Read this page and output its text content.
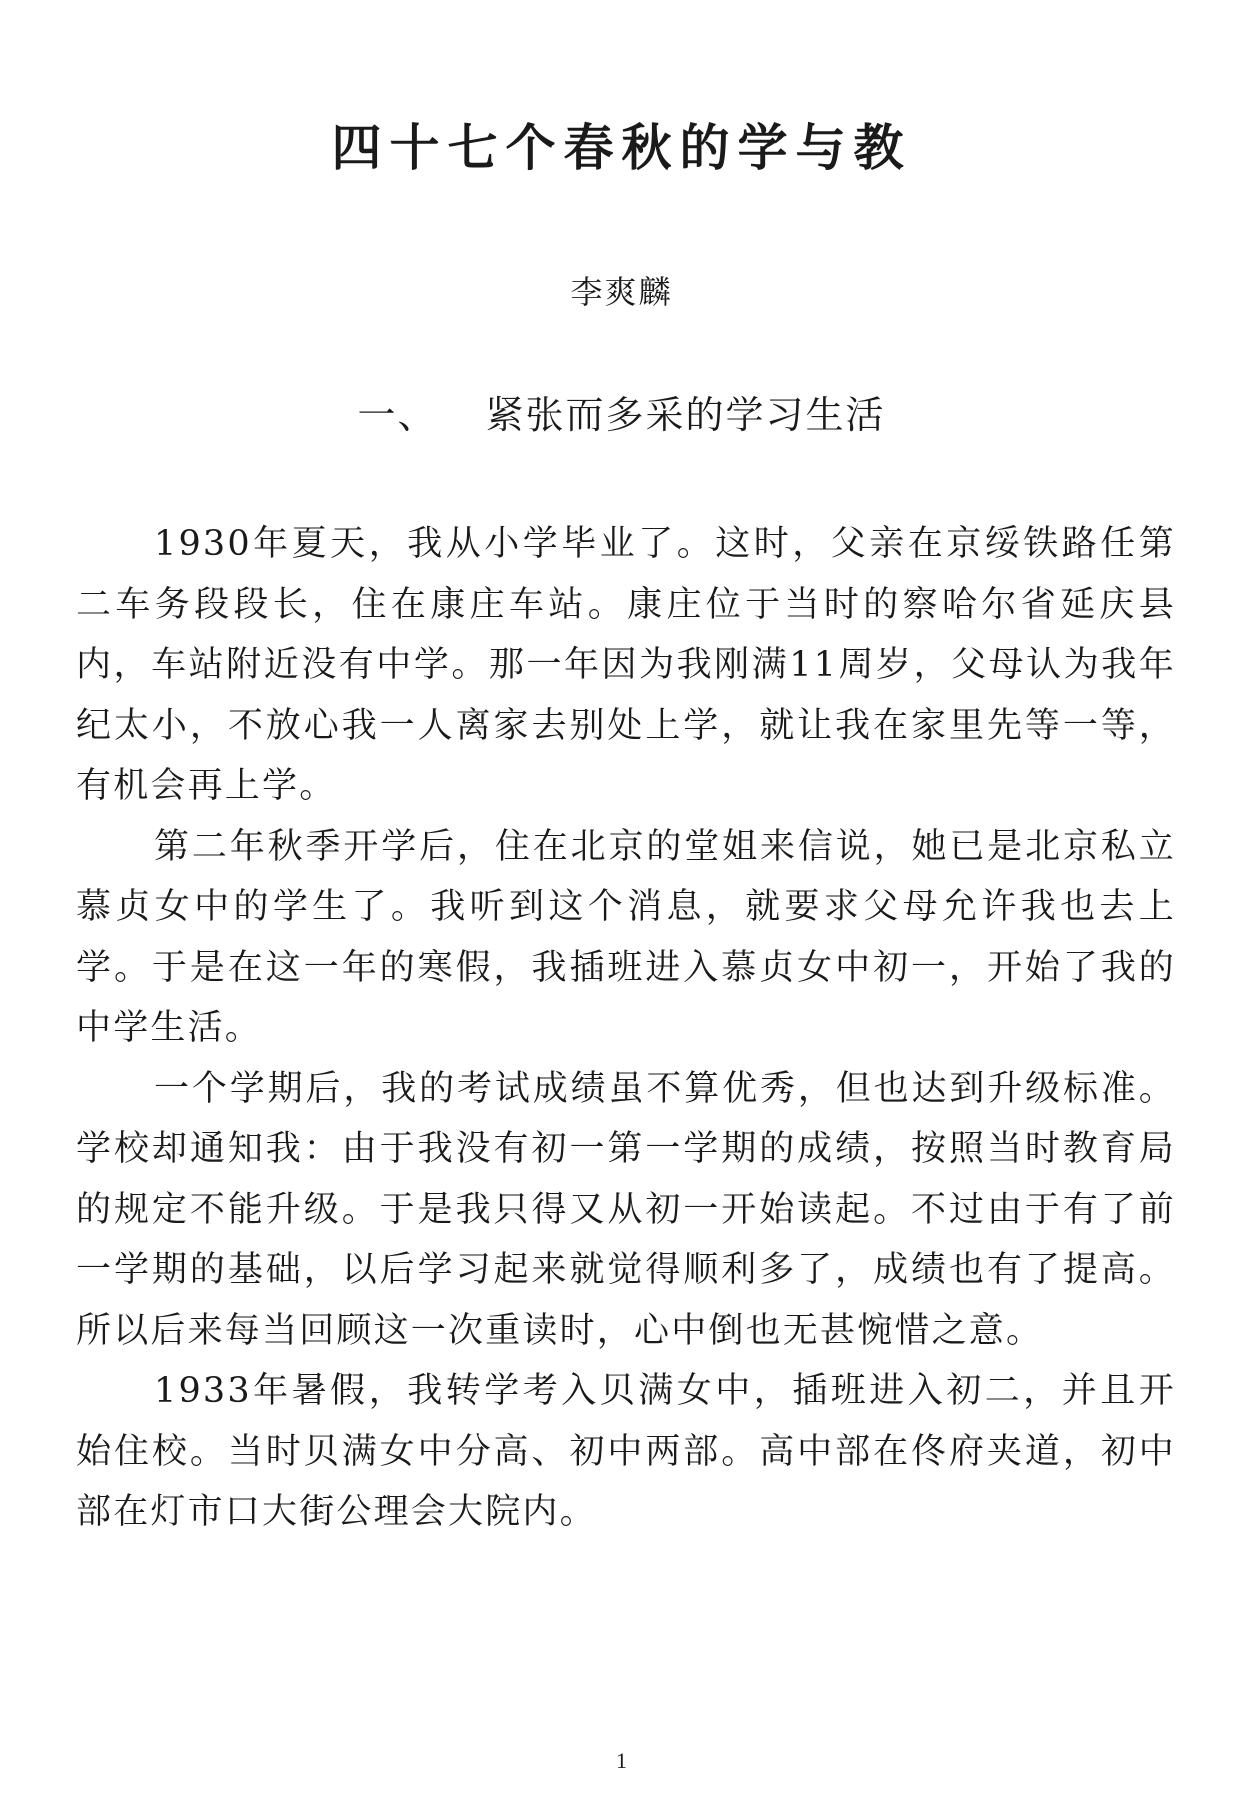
四十七个春秋的学与教
李爽麟
一、 紧张而多采的学习生活

1930年夏天，我从小学毕业了。这时，父亲在京绥铁路任第二车务段段长，住在康庄车站。康庄位于当时的察哈尔省延庆县内，车站附近没有中学。那一年因为我刚满11周岁，父母认为我年纪太小，不放心我一人离家去别处上学，就让我在家里先等一等，有机会再上学。

第二年秋季开学后，住在北京的堂姐来信说，她已是北京私立慕贞女中的学生了。我听到这个消息，就要求父母允许我也去上学。于是在这一年的寒假，我插班进入慕贞女中初一，开始了我的中学生活。

一个学期后，我的考试成绩虽不算优秀，但也达到升级标准。学校却通知我：由于我没有初一第一学期的成绩，按照当时教育局的规定不能升级。于是我只得又从初一开始读起。不过由于有了前一学期的基础，以后学习起来就觉得顺利多了，成绩也有了提高。所以后来每当回顾这一次重读时，心中倒也无甚惋惜之意。

1933年暑假，我转学考入贝满女中，插班进入初二，并且开始住校。当时贝满女中分高、初中两部。高中部在佟府夹道，初中部在灯市口大街公理会大院内。

1
